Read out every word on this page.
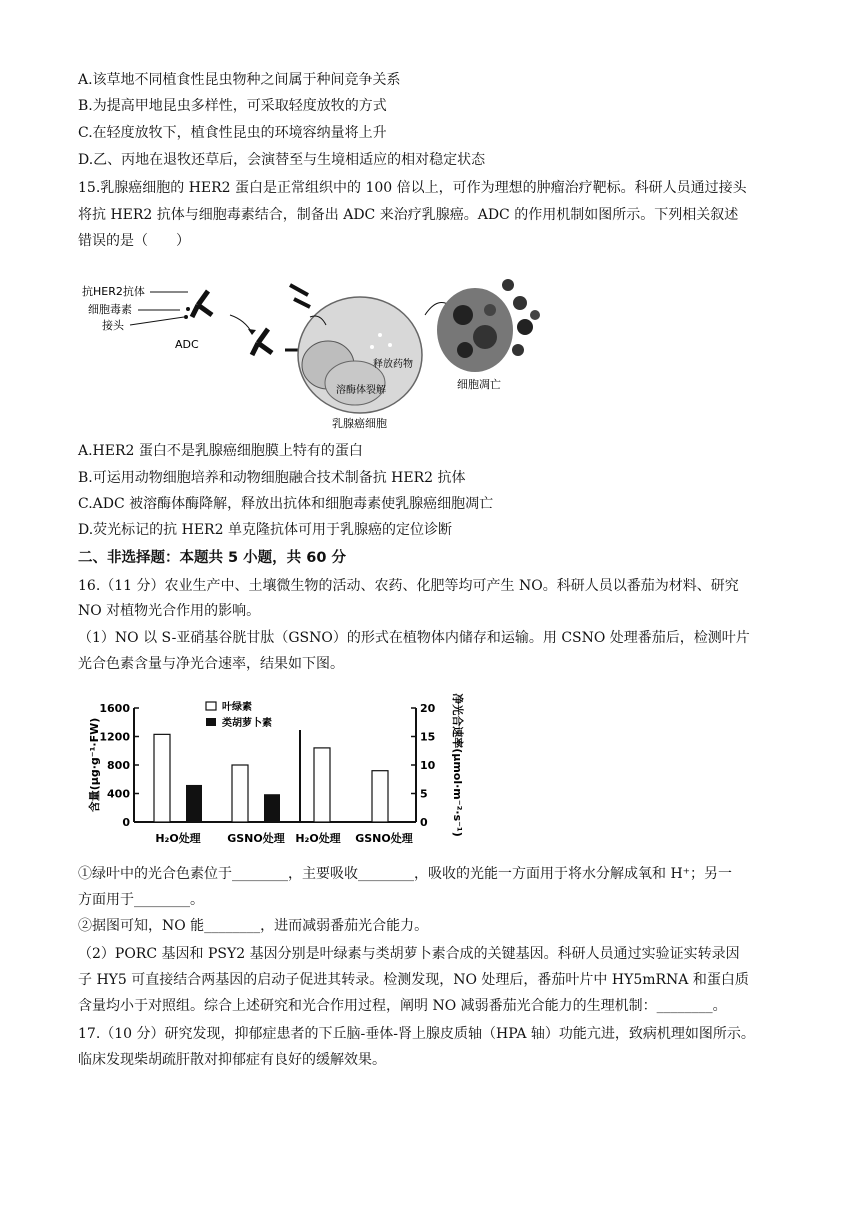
A.该草地不同植食性昆虫物种之间属于种间竞争关系
B.为提高甲地昆虫多样性，可采取轻度放牧的方式
C.在轻度放牧下，植食性昆虫的环境容纳量将上升
D.乙、丙地在退牧还草后，会演替至与生境相适应的相对稳定状态
15.乳腺癌细胞的 HER2 蛋白是正常组织中的 100 倍以上，可作为理想的肿瘤治疗靶标。科研人员通过接头
将抗 HER2 抗体与细胞毒素结合，制备出 ADC 来治疗乳腺癌。ADC 的作用机制如图所示。下列相关叙述
错误的是（　　）
A.HER2 蛋白不是乳腺癌细胞膜上特有的蛋白
B.可运用动物细胞培养和动物细胞融合技术制备抗 HER2 抗体
C.ADC 被溶酶体酶降解，释放出抗体和细胞毒素使乳腺癌细胞凋亡
D.荧光标记的抗 HER2 单克隆抗体可用于乳腺癌的定位诊断
二、非选择题：本题共 5 小题，共 60 分
16.（11 分）农业生产中、土壤微生物的活动、农药、化肥等均可产生 NO。科研人员以番茄为材料、研究
NO 对植物光合作用的影响。
（1）NO 以 S-亚硝基谷胱甘肽（GSNO）的形式在植物体内储存和运输。用 CSNO 处理番茄后，检测叶片
光合色素含量与净光合速率，结果如下图。
①绿叶中的光合色素位于________，主要吸收________，吸收的光能一方面用于将水分解成氧和 H⁺；另一
方面用于________。
②据图可知，NO 能________，进而减弱番茄光合能力。
（2）PORC 基因和 PSY2 基因分别是叶绿素与类胡萝卜素合成的关键基因。科研人员通过实验证实转录因
子 HY5 可直接结合两基因的启动子促进其转录。检测发现，NO 处理后，番茄叶片中 HY5mRNA 和蛋白质
含量均小于对照组。综合上述研究和光合作用过程，阐明 NO 减弱番茄光合能力的生理机制：________。
17.（10 分）研究发现，抑郁症患者的下丘脑-垂体-肾上腺皮质轴（HPA 轴）功能亢进，致病机理如图所示。
临床发现柴胡疏肝散对抑郁症有良好的缓解效果。
抗HER2抗体
细胞毒素
接头
ADC
释放药物
溶酶体裂解
乳腺癌细胞
细胞凋亡
0
400
800
1200
1600
0
5
10
15
20
含量(μg·g⁻¹·FW)	净光合速率(μmol·m⁻²·s⁻¹)
叶绿素
类胡萝卜素
H₂O处理 GSNO处理 H₂O处理 GSNO处理
